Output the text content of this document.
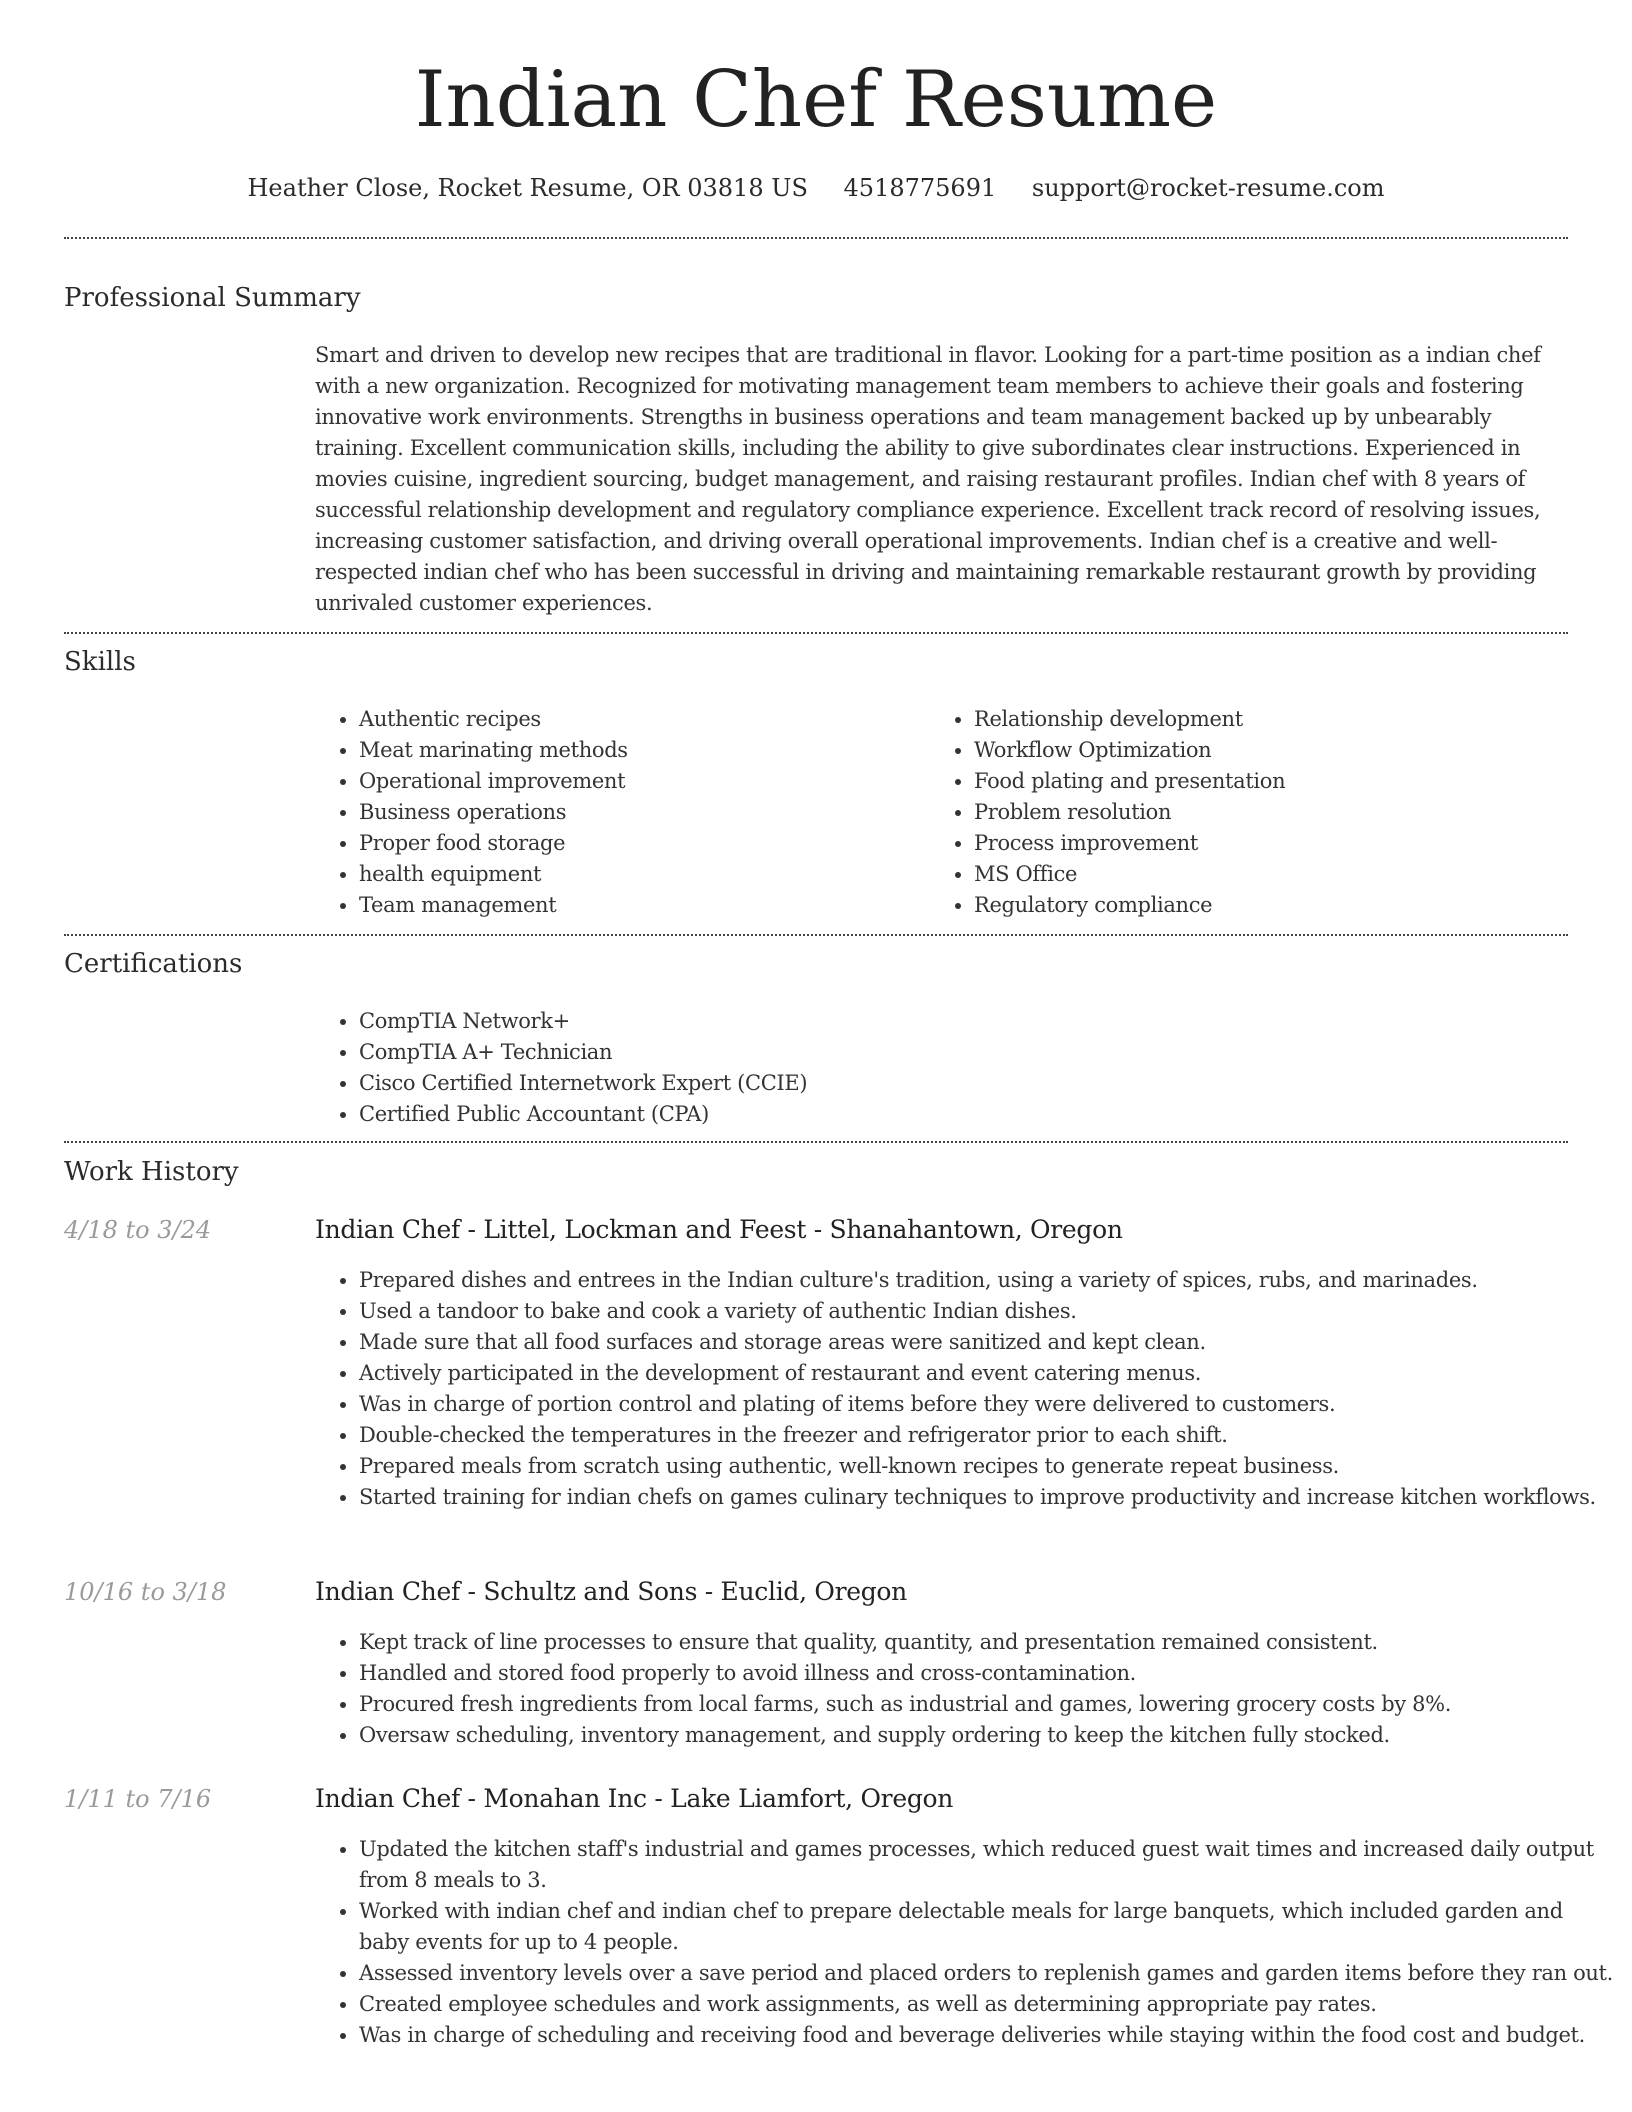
Indian Chef Resume
Heather Close, Rocket Resume, OR 03818 US 4518775691 support@rocket-resume.com
Professional Summary

Smart and driven to develop new recipes that are traditional in flavor. Looking for a part-time position as a indian chef with a new organization. Recognized for motivating management team members to achieve their goals and fostering innovative work environments. Strengths in business operations and team management backed up by unbearably training. Excellent communication skills, including the ability to give subordinates clear instructions. Experienced in movies cuisine, ingredient sourcing, budget management, and raising restaurant profiles. Indian chef with 8 years of successful relationship development and regulatory compliance experience. Excellent track record of resolving issues, increasing customer satisfaction, and driving overall operational improvements. Indian chef is a creative and well-respected indian chef who has been successful in driving and maintaining remarkable restaurant growth by providing unrivaled customer experiences.

Skills
• Authentic recipes
• Meat marinating methods
• Operational improvement
• Business operations
• Proper food storage
• health equipment
• Team management
• Relationship development
• Workflow Optimization
• Food plating and presentation
• Problem resolution
• Process improvement
• MS Office
• Regulatory compliance
Certifications
• CompTIA Network+
• CompTIA A+ Technician
• Cisco Certified Internetwork Expert (CCIE)
• Certified Public Accountant (CPA)
Work History
4/18 to 3/24	Indian Chef - Littel, Lockman and Feest - Shanahantown, Oregon
• Prepared dishes and entrees in the Indian culture's tradition, using a variety of spices, rubs, and marinades.
• Used a tandoor to bake and cook a variety of authentic Indian dishes.
• Made sure that all food surfaces and storage areas were sanitized and kept clean.
• Actively participated in the development of restaurant and event catering menus.
• Was in charge of portion control and plating of items before they were delivered to customers.
• Double-checked the temperatures in the freezer and refrigerator prior to each shift.
• Prepared meals from scratch using authentic, well-known recipes to generate repeat business.
• Started training for indian chefs on games culinary techniques to improve productivity and increase kitchen workflows.
10/16 to 3/18	Indian Chef - Schultz and Sons - Euclid, Oregon
• Kept track of line processes to ensure that quality, quantity, and presentation remained consistent.
• Handled and stored food properly to avoid illness and cross-contamination.
• Procured fresh ingredients from local farms, such as industrial and games, lowering grocery costs by 8%.
• Oversaw scheduling, inventory management, and supply ordering to keep the kitchen fully stocked.
1/11 to 7/16	Indian Chef - Monahan Inc - Lake Liamfort, Oregon
• Updated the kitchen staff's industrial and games processes, which reduced guest wait times and increased daily output from 8 meals to 3.
• Worked with indian chef and indian chef to prepare delectable meals for large banquets, which included garden and baby events for up to 4 people.
• Assessed inventory levels over a save period and placed orders to replenish games and garden items before they ran out.
• Created employee schedules and work assignments, as well as determining appropriate pay rates.
• Was in charge of scheduling and receiving food and beverage deliveries while staying within the food cost and budget.
